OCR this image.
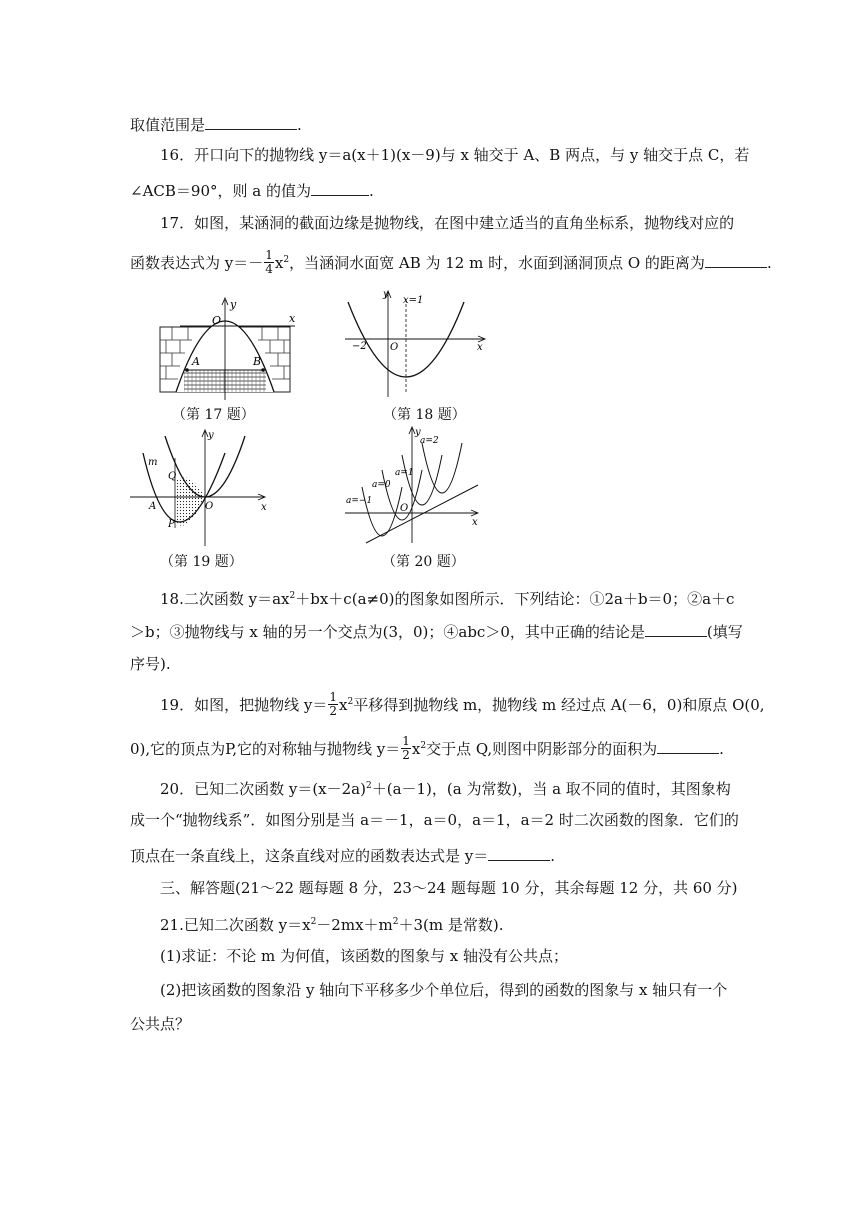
取值范围是	.
16．开口向下的抛物线 y＝a(x＋1)(x－9)与 x 轴交于 A、B 两点，与 y 轴交于点 C，若
∠ACB＝90°，则 a 的值为	.
17．如图，某涵洞的截面边缘是抛物线，在图中建立适当的直角坐标系，抛物线对应的
函数表达式为 $y=- \frac{1}{4} x^2$，当涵洞水面宽 AB 为 12 m 时，水面到涵洞顶点 O 的距离为	.
y
x
O
A	B
（第 17 题）
y
x=1
x
O
−2
（第 18 题）
y
x
O
m
Q
A
P
（第 19 题）
y
x
O
a=−1
a=0
a=1
a=2
（第 20 题）
18.二次函数 $y=ax^2+bx+c(a\ne 0)$的图象如图所示．下列结论：①2a＋b＝0；②a＋c
＞b；③抛物线与 x 轴的另一个交点为(3，0)；④abc＞0，其中正确的结论是	(填写
序号).
19．如图，把抛物线 $y= \frac{1}{2} x^2$平移得到抛物线 m，抛物线 m 经过点 A(－6，0)和原点 O(0,
0),它的顶点为P,它的对称轴与抛物线 $y= \frac{1}{2} x^2$交于点 Q,则图中阴影部分的面积为	.
20．已知二次函数 $y=(x-2a)^2+(a-1)$，(a 为常数)，当 a 取不同的值时，其图象构
成一个“抛物线系”．如图分别是当 a＝－1，a＝0，a＝1，a＝2 时二次函数的图象．它们的
顶点在一条直线上，这条直线对应的函数表达式是 y＝	.
三、解答题(21～22 题每题 8 分，23～24 题每题 10 分，其余每题 12 分，共 60 分)
21.已知二次函数 $y=x^2-2mx+m^2+3(m$ 是常数).
(1)求证：不论 m 为何值，该函数的图象与 x 轴没有公共点；
(2)把该函数的图象沿 y 轴向下平移多少个单位后，得到的函数的图象与 x 轴只有一个
公共点？
